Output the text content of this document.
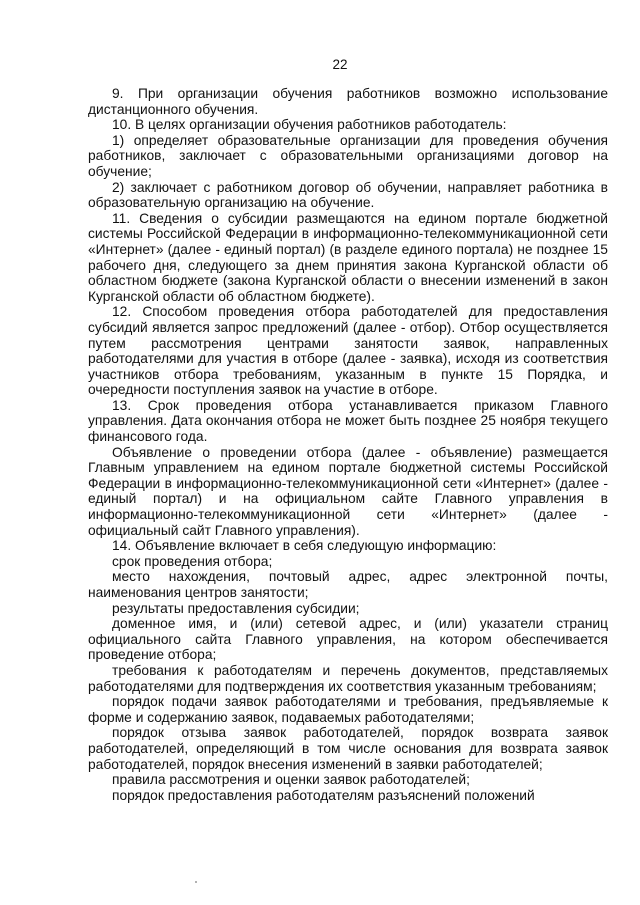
22

9. При организации обучения работников возможно использование дистанционного обучения.

10. В целях организации обучения работников работодатель:

1) определяет образовательные организации для проведения обучения работников, заключает с образовательными организациями договор на обучение;

2) заключает с работником договор об обучении, направляет работника в образовательную организацию на обучение.

11. Сведения о субсидии размещаются на едином портале бюджетной системы Российской Федерации в информационно-телекоммуникационной сети «Интернет» (далее - единый портал) (в разделе единого портала) не позднее 15 рабочего дня, следующего за днем принятия закона Курганской области об областном бюджете (закона Курганской области о внесении изменений в закон Курганской области об областном бюджете).

12. Способом проведения отбора работодателей для предоставления субсидий является запрос предложений (далее - отбор). Отбор осуществляется путем рассмотрения центрами занятости заявок, направленных работодателями для участия в отборе (далее - заявка), исходя из соответствия участников отбора требованиям, указанным в пункте 15 Порядка, и очередности поступления заявок на участие в отборе.

13. Срок проведения отбора устанавливается приказом Главного управления. Дата окончания отбора не может быть позднее 25 ноября текущего финансового года.

Объявление о проведении отбора (далее - объявление) размещается Главным управлением на едином портале бюджетной системы Российской Федерации в информационно-телекоммуникационной сети «Интернет» (далее - единый портал) и на официальном сайте Главного управления в информационно-телекоммуникационной сети «Интернет» (далее - официальный сайт Главного управления).

14. Объявление включает в себя следующую информацию:

срок проведения отбора;

место нахождения, почтовый адрес, адрес электронной почты, наименования центров занятости;

результаты предоставления субсидии;

доменное имя, и (или) сетевой адрес, и (или) указатели страниц официального сайта Главного управления, на котором обеспечивается проведение отбора;

требования к работодателям и перечень документов, представляемых работодателями для подтверждения их соответствия указанным требованиям;

порядок подачи заявок работодателями и требования, предъявляемые к форме и содержанию заявок, подаваемых работодателями;

порядок отзыва заявок работодателей, порядок возврата заявок работодателей, определяющий в том числе основания для возврата заявок работодателей, порядок внесения изменений в заявки работодателей;

правила рассмотрения и оценки заявок работодателей;

порядок предоставления работодателям разъяснений положений
